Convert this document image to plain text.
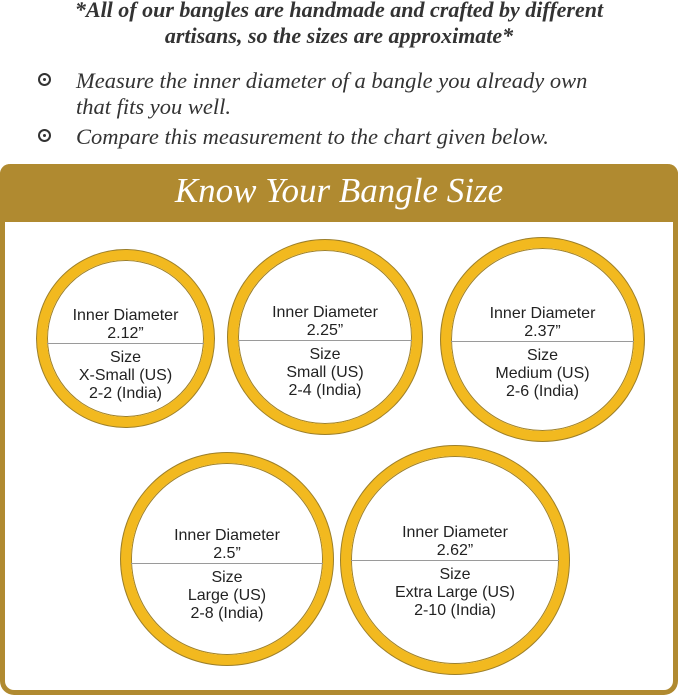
*All of our bangles are handmade and crafted by different
artisans, so the sizes are approximate*
Measure the inner diameter of a bangle you already own
that fits you well.
Compare this measurement to the chart given below.
Know Your Bangle Size
Inner Diameter
2.12”
Size
X-Small (US)
2-2 (India)
Inner Diameter
2.25”
Size
Small (US)
2-4 (India)
Inner Diameter
2.37”
Size
Medium (US)
2-6 (India)
Inner Diameter
2.5”
Size
Large (US)
2-8 (India)
Inner Diameter
2.62”
Size
Extra Large (US)
2-10 (India)
